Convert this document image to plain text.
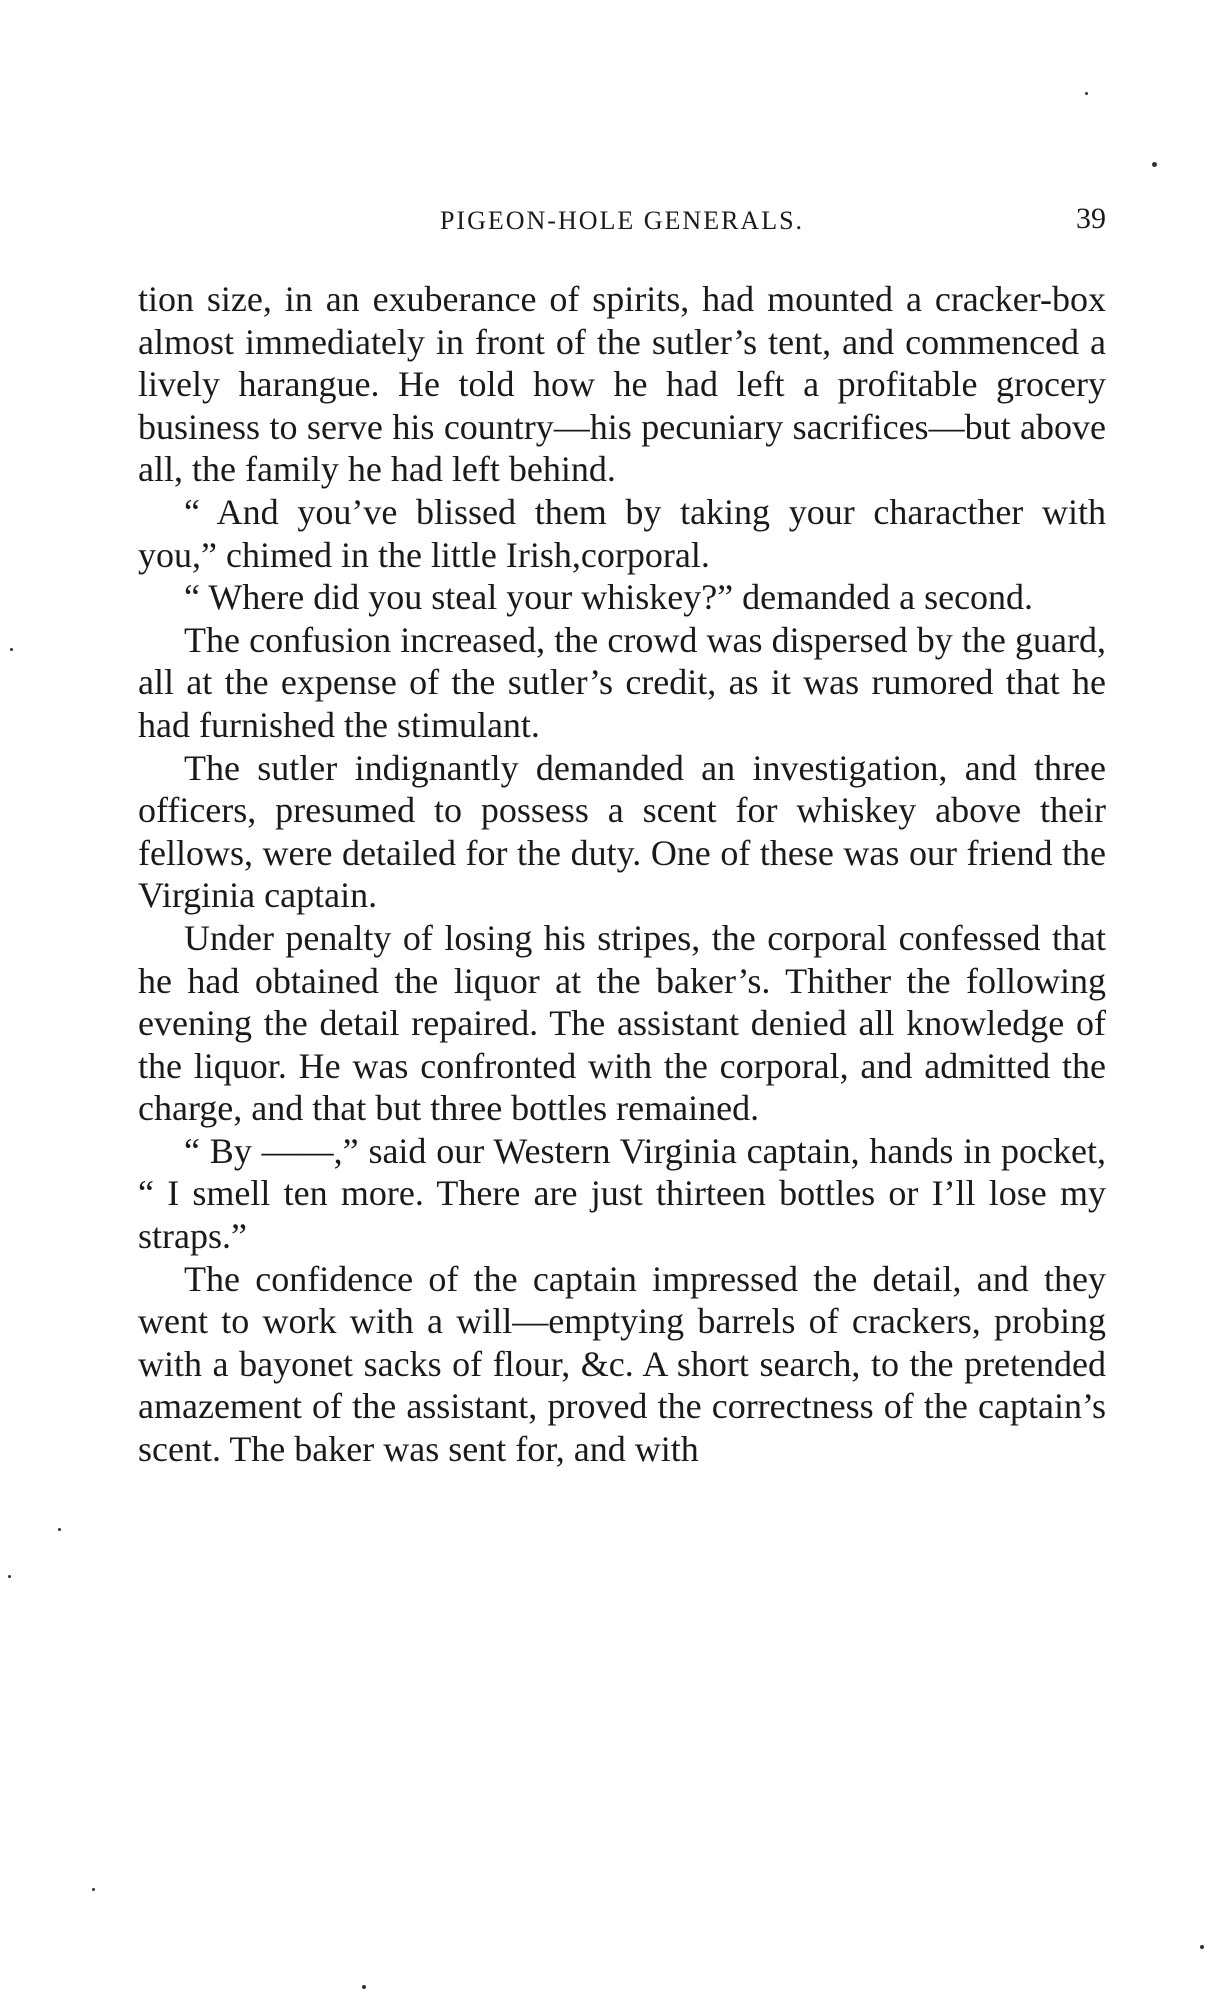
PIGEON-HOLE GENERALS.	39

tion size, in an exuberance of spirits, had mounted a cracker-box almost immediately in front of the sutler’s tent, and commenced a lively harangue. He told how he had left a profitable grocery business to serve his country—his pecuniary sacrifices—but above all, the family he had left behind.

“ And you’ve blissed them by taking your characther with you,” chimed in the little Irish,corporal.

“ Where did you steal your whiskey?” demanded a second.

The confusion increased, the crowd was dispersed by the guard, all at the expense of the sutler’s credit, as it was rumored that he had furnished the stimulant.

The sutler indignantly demanded an investigation, and three officers, presumed to possess a scent for whiskey above their fellows, were detailed for the duty. One of these was our friend the Virginia captain.

Under penalty of losing his stripes, the corporal confessed that he had obtained the liquor at the baker’s. Thither the following evening the detail repaired. The assistant denied all knowledge of the liquor. He was confronted with the corporal, and admitted the charge, and that but three bottles remained.

“ By ——,” said our Western Virginia captain, hands in pocket, “ I smell ten more. There are just thirteen bottles or I’ll lose my straps.”

The confidence of the captain impressed the detail, and they went to work with a will—emptying barrels of crackers, probing with a bayonet sacks of flour, &c. A short search, to the pretended amazement of the assistant, proved the correctness of the captain’s scent. The baker was sent for, and with
